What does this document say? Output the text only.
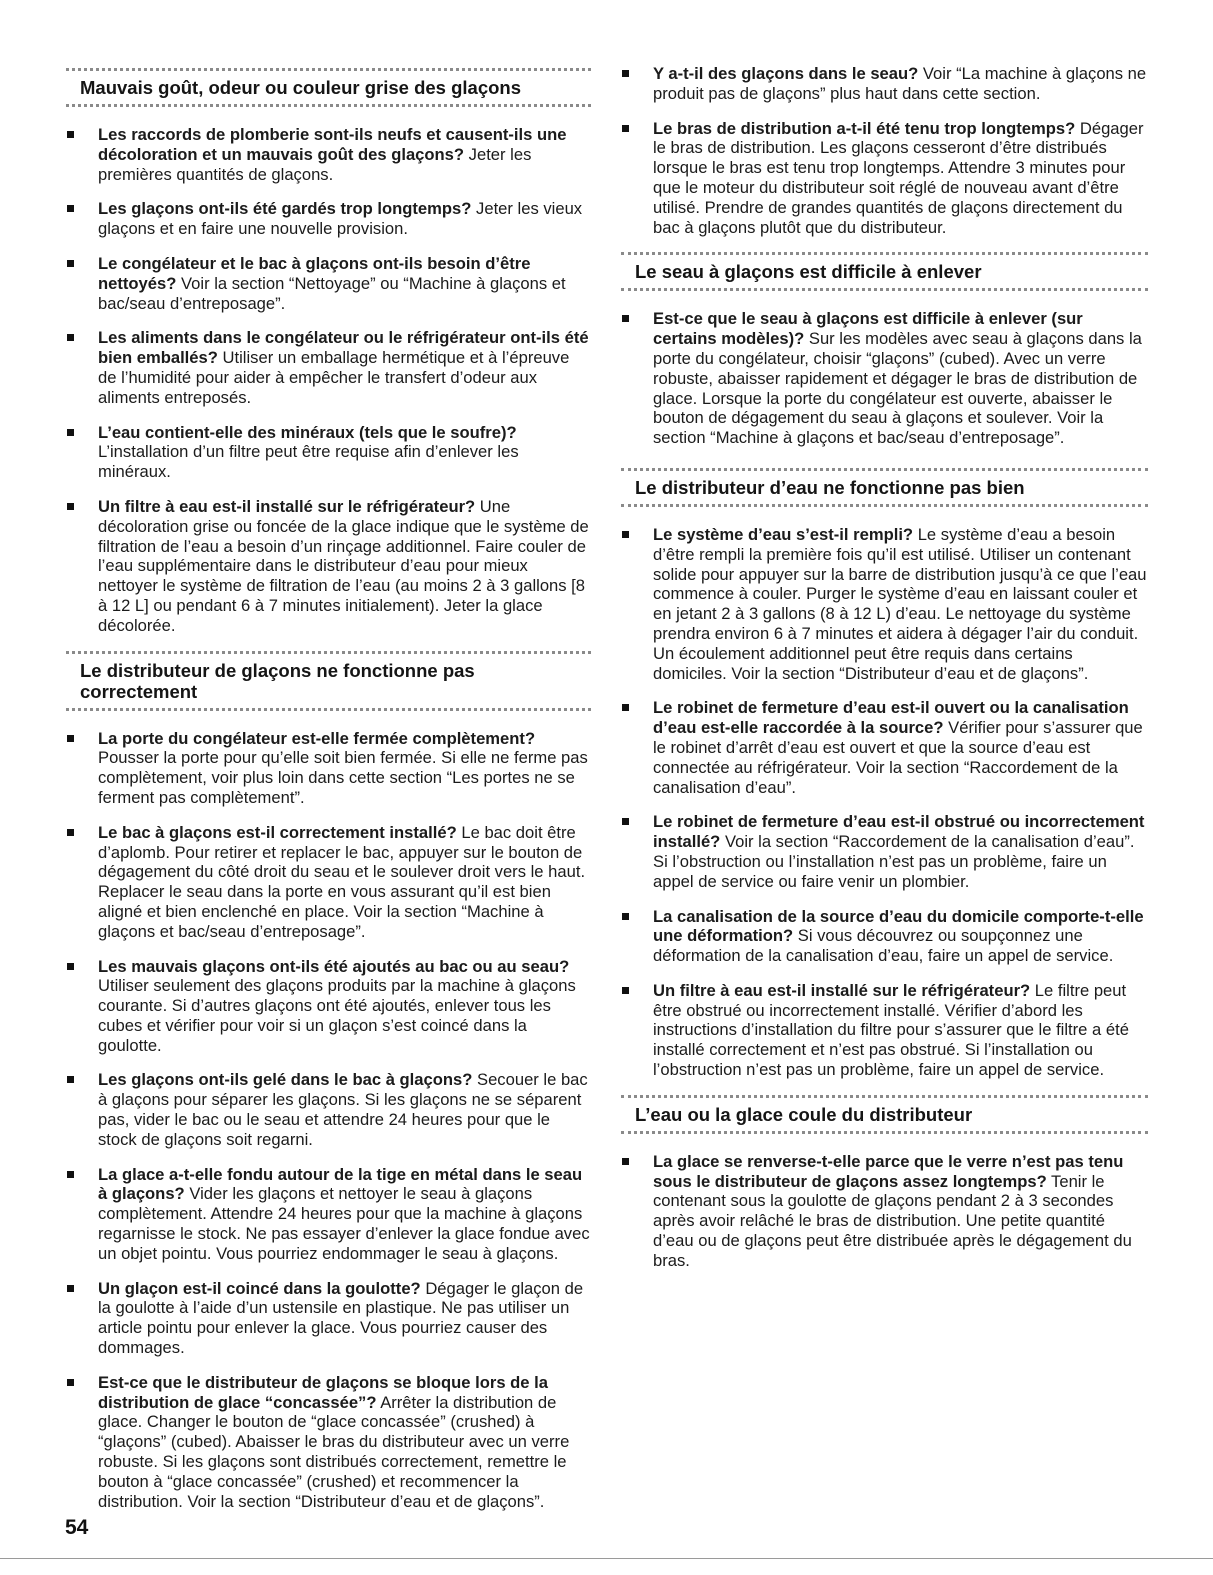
Mauvais goût, odeur ou couleur grise des glaçons
Les raccords de plomberie sont-ils neufs et causent-ils une décoloration et un mauvais goût des glaçons? Jeter les premières quantités de glaçons.
Les glaçons ont-ils été gardés trop longtemps? Jeter les vieux glaçons et en faire une nouvelle provision.
Le congélateur et le bac à glaçons ont-ils besoin d’être nettoyés? Voir la section “Nettoyage” ou “Machine à glaçons et bac/seau d’entreposage”.
Les aliments dans le congélateur ou le réfrigérateur ont-ils été bien emballés? Utiliser un emballage hermétique et à l’épreuve de l’humidité pour aider à empêcher le transfert d’odeur aux aliments entreposés.
L’eau contient-elle des minéraux (tels que le soufre)? L’installation d’un filtre peut être requise afin d’enlever les minéraux.
Un filtre à eau est-il installé sur le réfrigérateur? Une décoloration grise ou foncée de la glace indique que le système de filtration de l’eau a besoin d’un rinçage additionnel. Faire couler de l’eau supplémentaire dans le distributeur d’eau pour mieux nettoyer le système de filtration de l’eau (au moins 2 à 3 gallons [8 à 12 L] ou pendant 6 à 7 minutes initialement). Jeter la glace décolorée.
Le distributeur de glaçons ne fonctionne pas correctement
La porte du congélateur est-elle fermée complètement? Pousser la porte pour qu’elle soit bien fermée. Si elle ne ferme pas complètement, voir plus loin dans cette section “Les portes ne se ferment pas complètement”.
Le bac à glaçons est-il correctement installé? Le bac doit être d’aplomb. Pour retirer et replacer le bac, appuyer sur le bouton de dégagement du côté droit du seau et le soulever droit vers le haut. Replacer le seau dans la porte en vous assurant qu’il est bien aligné et bien enclenché en place. Voir la section “Machine à glaçons et bac/seau d’entreposage”.
Les mauvais glaçons ont-ils été ajoutés au bac ou au seau? Utiliser seulement des glaçons produits par la machine à glaçons courante. Si d’autres glaçons ont été ajoutés, enlever tous les cubes et vérifier pour voir si un glaçon s’est coincé dans la goulotte.
Les glaçons ont-ils gelé dans le bac à glaçons? Secouer le bac à glaçons pour séparer les glaçons. Si les glaçons ne se séparent pas, vider le bac ou le seau et attendre 24 heures pour que le stock de glaçons soit regarni.
La glace a-t-elle fondu autour de la tige en métal dans le seau à glaçons? Vider les glaçons et nettoyer le seau à glaçons complètement. Attendre 24 heures pour que la machine à glaçons regarnisse le stock. Ne pas essayer d’enlever la glace fondue avec un objet pointu. Vous pourriez endommager le seau à glaçons.
Un glaçon est-il coincé dans la goulotte? Dégager le glaçon de la goulotte à l’aide d’un ustensile en plastique. Ne pas utiliser un article pointu pour enlever la glace. Vous pourriez causer des dommages.
Est-ce que le distributeur de glaçons se bloque lors de la distribution de glace “concassée”? Arrêter la distribution de glace. Changer le bouton de “glace concassée” (crushed) à “glaçons” (cubed). Abaisser le bras du distributeur avec un verre robuste. Si les glaçons sont distribués correctement, remettre le bouton à “glace concassée” (crushed) et recommencer la distribution. Voir la section “Distributeur d’eau et de glaçons”.
Y a-t-il des glaçons dans le seau? Voir “La machine à glaçons ne produit pas de glaçons” plus haut dans cette section.
Le bras de distribution a-t-il été tenu trop longtemps? Dégager le bras de distribution. Les glaçons cesseront d’être distribués lorsque le bras est tenu trop longtemps. Attendre 3 minutes pour que le moteur du distributeur soit réglé de nouveau avant d’être utilisé. Prendre de grandes quantités de glaçons directement du bac à glaçons plutôt que du distributeur.
Le seau à glaçons est difficile à enlever
Est-ce que le seau à glaçons est difficile à enlever (sur certains modèles)? Sur les modèles avec seau à glaçons dans la porte du congélateur, choisir “glaçons” (cubed). Avec un verre robuste, abaisser rapidement et dégager le bras de distribution de glace. Lorsque la porte du congélateur est ouverte, abaisser le bouton de dégagement du seau à glaçons et soulever. Voir la section “Machine à glaçons et bac/seau d’entreposage”.
Le distributeur d’eau ne fonctionne pas bien
Le système d’eau s’est-il rempli? Le système d’eau a besoin d’être rempli la première fois qu’il est utilisé. Utiliser un contenant solide pour appuyer sur la barre de distribution jusqu’à ce que l’eau commence à couler. Purger le système d’eau en laissant couler et en jetant 2 à 3 gallons (8 à 12 L) d’eau. Le nettoyage du système prendra environ 6 à 7 minutes et aidera à dégager l’air du conduit. Un écoulement additionnel peut être requis dans certains domiciles. Voir la section “Distributeur d’eau et de glaçons”.
Le robinet de fermeture d’eau est-il ouvert ou la canalisation d’eau est-elle raccordée à la source? Vérifier pour s’assurer que le robinet d’arrêt d’eau est ouvert et que la source d’eau est connectée au réfrigérateur. Voir la section “Raccordement de la canalisation d’eau”.
Le robinet de fermeture d’eau est-il obstrué ou incorrectement installé? Voir la section “Raccordement de la canalisation d’eau”. Si l’obstruction ou l’installation n’est pas un problème, faire un appel de service ou faire venir un plombier.
La canalisation de la source d’eau du domicile comporte-t-elle une déformation? Si vous découvrez ou soupçonnez une déformation de la canalisation d’eau, faire un appel de service.
Un filtre à eau est-il installé sur le réfrigérateur? Le filtre peut être obstrué ou incorrectement installé. Vérifier d’abord les instructions d’installation du filtre pour s’assurer que le filtre a été installé correctement et n’est pas obstrué. Si l’installation ou l’obstruction n’est pas un problème, faire un appel de service.
L’eau ou la glace coule du distributeur
La glace se renverse-t-elle parce que le verre n’est pas tenu sous le distributeur de glaçons assez longtemps? Tenir le contenant sous la goulotte de glaçons pendant 2 à 3 secondes après avoir relâché le bras de distribution. Une petite quantité d’eau ou de glaçons peut être distribuée après le dégagement du bras.
54
